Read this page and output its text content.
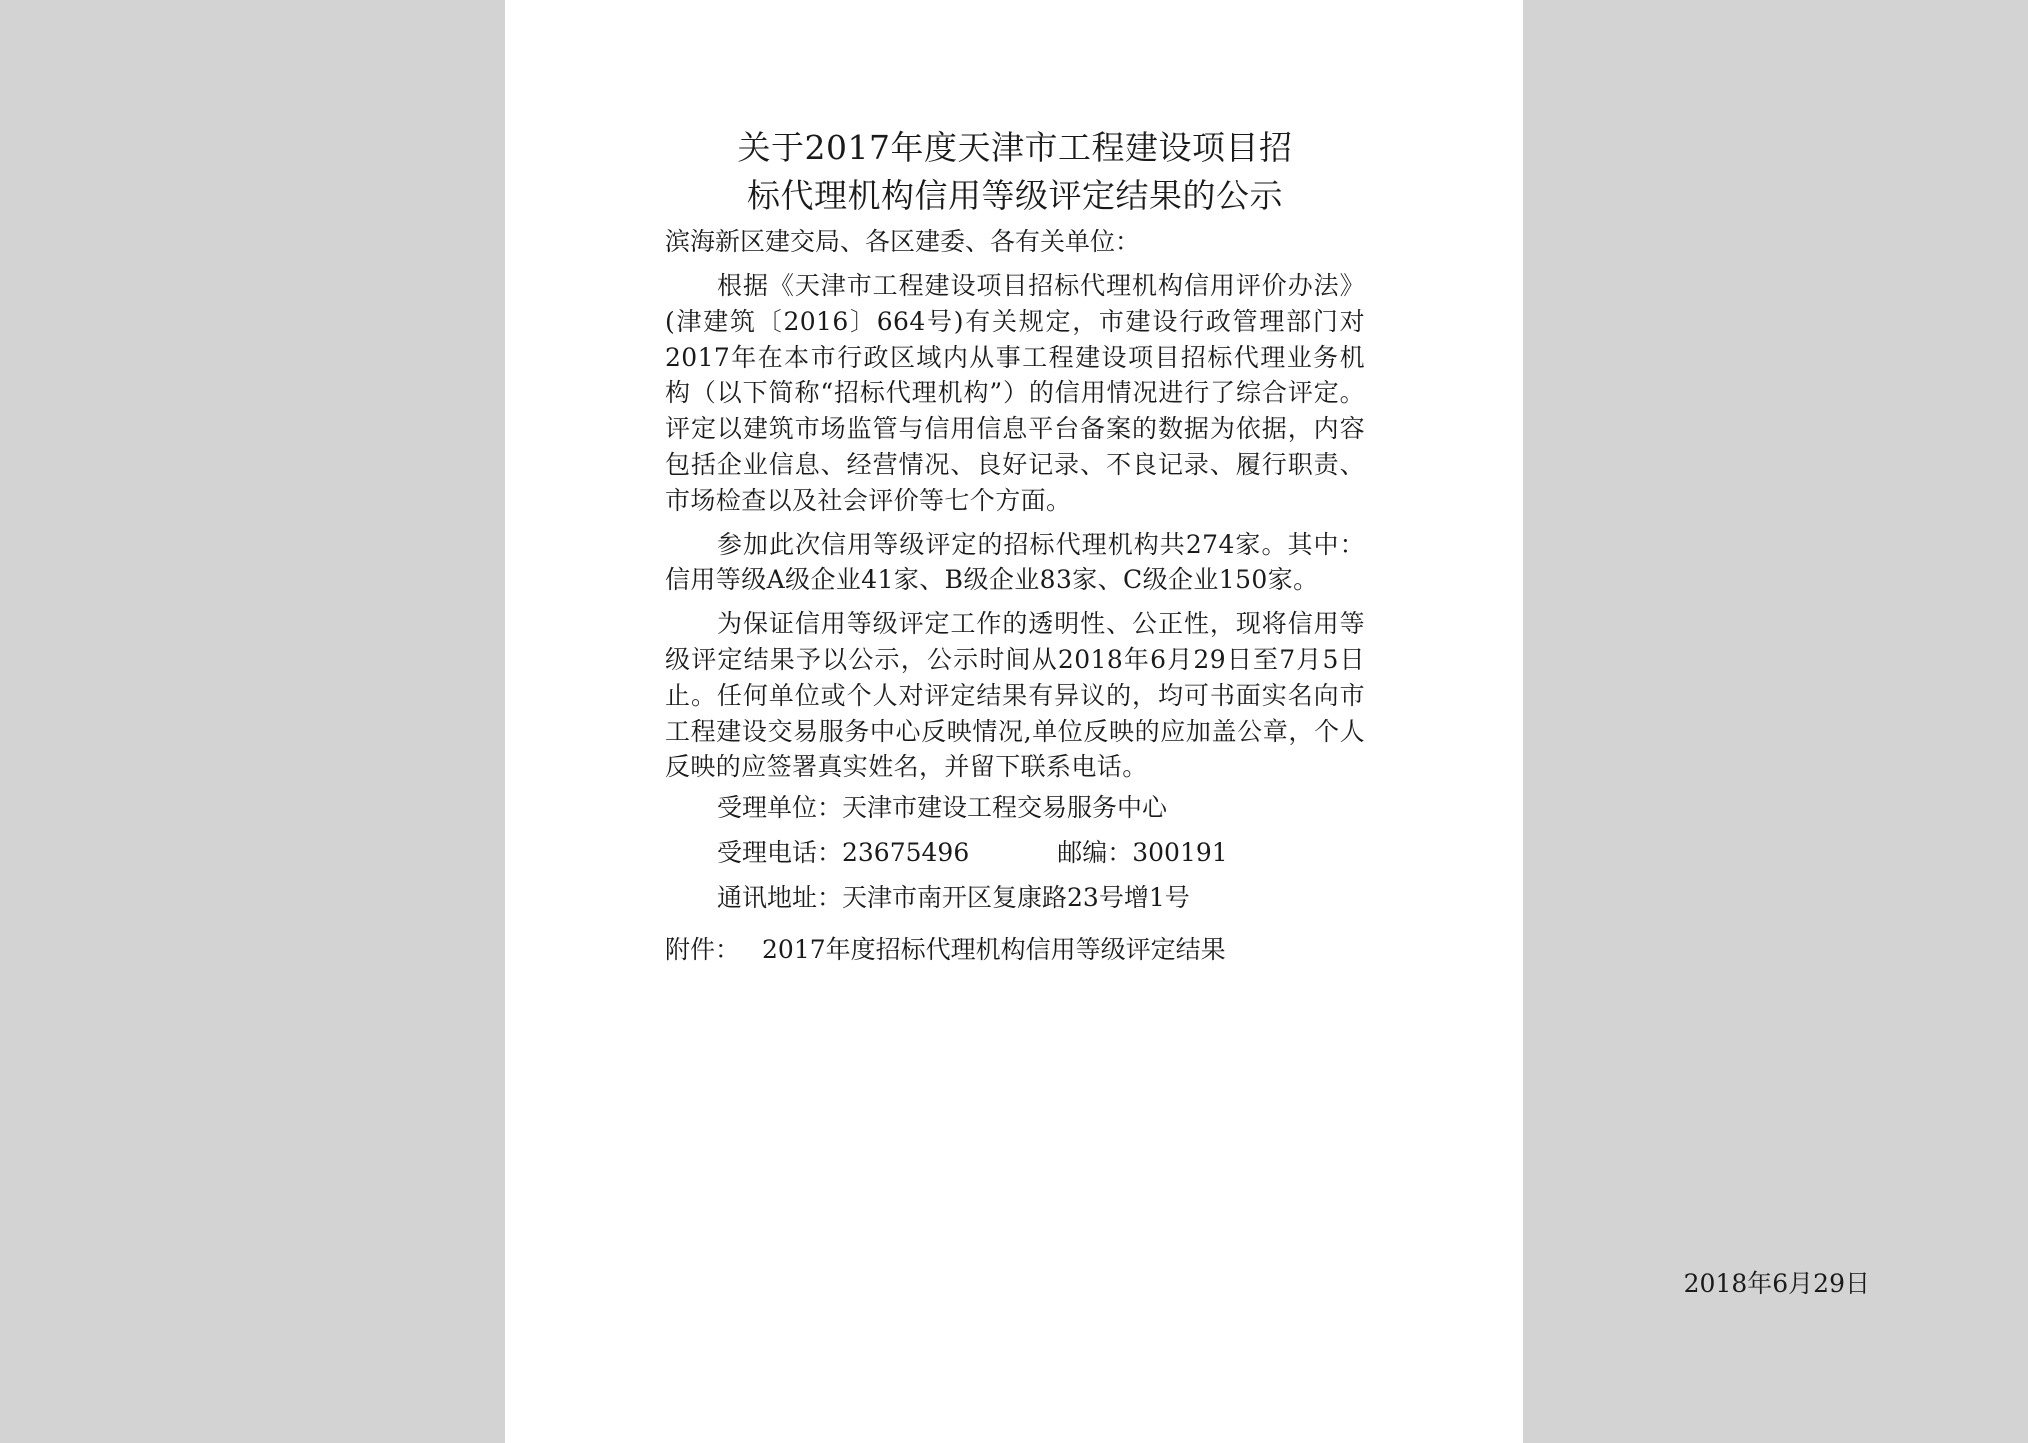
关于2017年度天津市工程建设项目招
标代理机构信用等级评定结果的公示

滨海新区建交局、各区建委、各有关单位：

根据《天津市工程建设项目招标代理机构信用评价办法》(津建筑〔2016〕664号)有关规定，市建设行政管理部门对2017年在本市行政区域内从事工程建设项目招标代理业务机构（以下简称“招标代理机构”）的信用情况进行了综合评定。评定以建筑市场监管与信用信息平台备案的数据为依据，内容包括企业信息、经营情况、良好记录、不良记录、履行职责、市场检查以及社会评价等七个方面。

参加此次信用等级评定的招标代理机构共274家。其中：信用等级A级企业41家、B级企业83家、C级企业150家。

为保证信用等级评定工作的透明性、公正性，现将信用等级评定结果予以公示，公示时间从2018年6月29日至7月5日止。任何单位或个人对评定结果有异议的，均可书面实名向市工程建设交易服务中心反映情况,单位反映的应加盖公章，个人反映的应签署真实姓名，并留下联系电话。

受理单位：天津市建设工程交易服务中心
受理电话：23675496	邮编：300191
通讯地址：天津市南开区复康路23号增1号
附件： 2017年度招标代理机构信用等级评定结果
2018年6月29日
